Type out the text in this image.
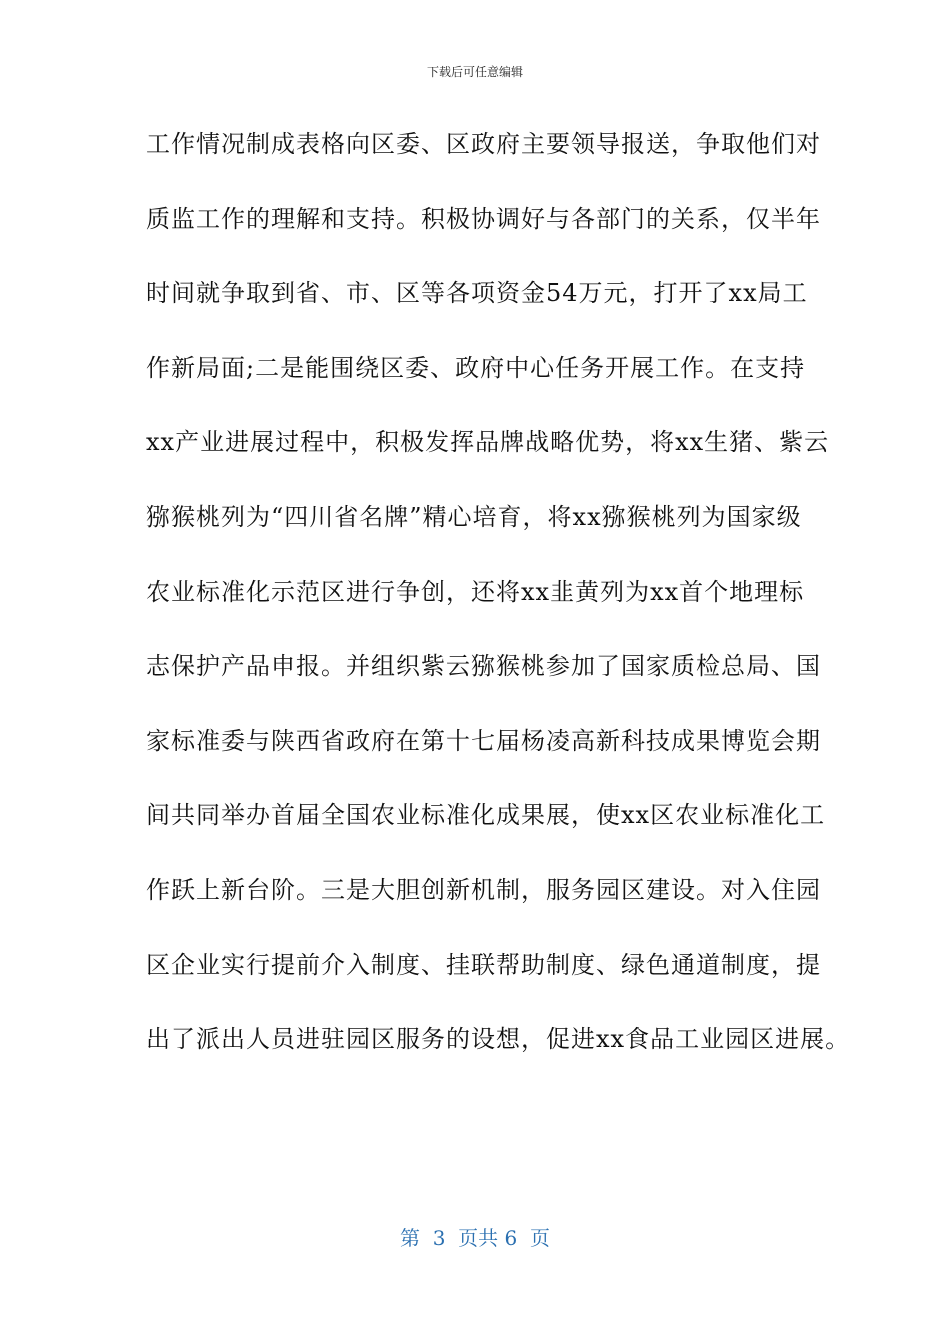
下载后可任意编辑
工作情况制成表格向区委、区政府主要领导报送，争取他们对
质监工作的理解和支持。积极协调好与各部门的关系，仅半年
时间就争取到省、市、区等各项资金54万元，打开了xx局工
作新局面;二是能围绕区委、政府中心任务开展工作。在支持
xx产业进展过程中，积极发挥品牌战略优势，将xx生猪、紫云
猕猴桃列为“四川省名牌”精心培育，将xx猕猴桃列为国家级
农业标准化示范区进行争创，还将xx韭黄列为xx首个地理标
志保护产品申报。并组织紫云猕猴桃参加了国家质检总局、国
家标准委与陕西省政府在第十七届杨凌高新科技成果博览会期
间共同举办首届全国农业标准化成果展，使xx区农业标准化工
作跃上新台阶。三是大胆创新机制，服务园区建设。对入住园
区企业实行提前介入制度、挂联帮助制度、绿色通道制度，提
出了派出人员进驻园区服务的设想，促进xx食品工业园区进展。
第  3  页共 6  页
